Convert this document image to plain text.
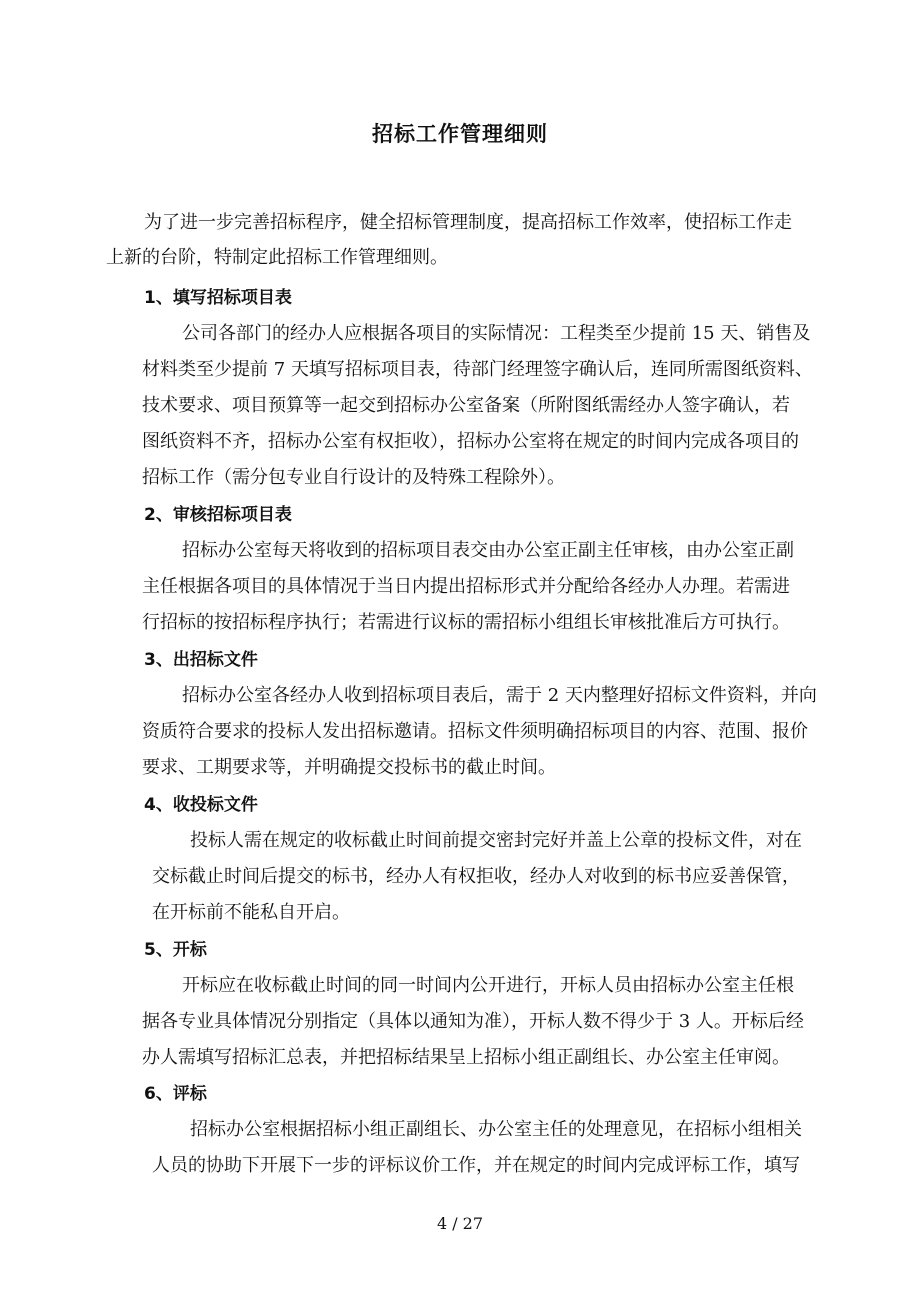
招标工作管理细则
为了进一步完善招标程序，健全招标管理制度，提高招标工作效率，使招标工作走
上新的台阶，特制定此招标工作管理细则。
1、填写招标项目表
公司各部门的经办人应根据各项目的实际情况：工程类至少提前 15 天、销售及
材料类至少提前 7 天填写招标项目表，待部门经理签字确认后，连同所需图纸资料、
技术要求、项目预算等一起交到招标办公室备案（所附图纸需经办人签字确认，若
图纸资料不齐，招标办公室有权拒收），招标办公室将在规定的时间内完成各项目的
招标工作（需分包专业自行设计的及特殊工程除外）。
2、审核招标项目表
招标办公室每天将收到的招标项目表交由办公室正副主任审核，由办公室正副
主任根据各项目的具体情况于当日内提出招标形式并分配给各经办人办理。若需进
行招标的按招标程序执行；若需进行议标的需招标小组组长审核批准后方可执行。
3、出招标文件
招标办公室各经办人收到招标项目表后，需于 2 天内整理好招标文件资料，并向
资质符合要求的投标人发出招标邀请。招标文件须明确招标项目的内容、范围、报价
要求、工期要求等，并明确提交投标书的截止时间。
4、收投标文件
投标人需在规定的收标截止时间前提交密封完好并盖上公章的投标文件，对在
交标截止时间后提交的标书，经办人有权拒收，经办人对收到的标书应妥善保管，
在开标前不能私自开启。
5、开标
开标应在收标截止时间的同一时间内公开进行，开标人员由招标办公室主任根
据各专业具体情况分别指定（具体以通知为准），开标人数不得少于 3 人。开标后经
办人需填写招标汇总表，并把招标结果呈上招标小组正副组长、办公室主任审阅。
6、评标
招标办公室根据招标小组正副组长、办公室主任的处理意见，在招标小组相关
人员的协助下开展下一步的评标议价工作，并在规定的时间内完成评标工作，填写
4 / 27
